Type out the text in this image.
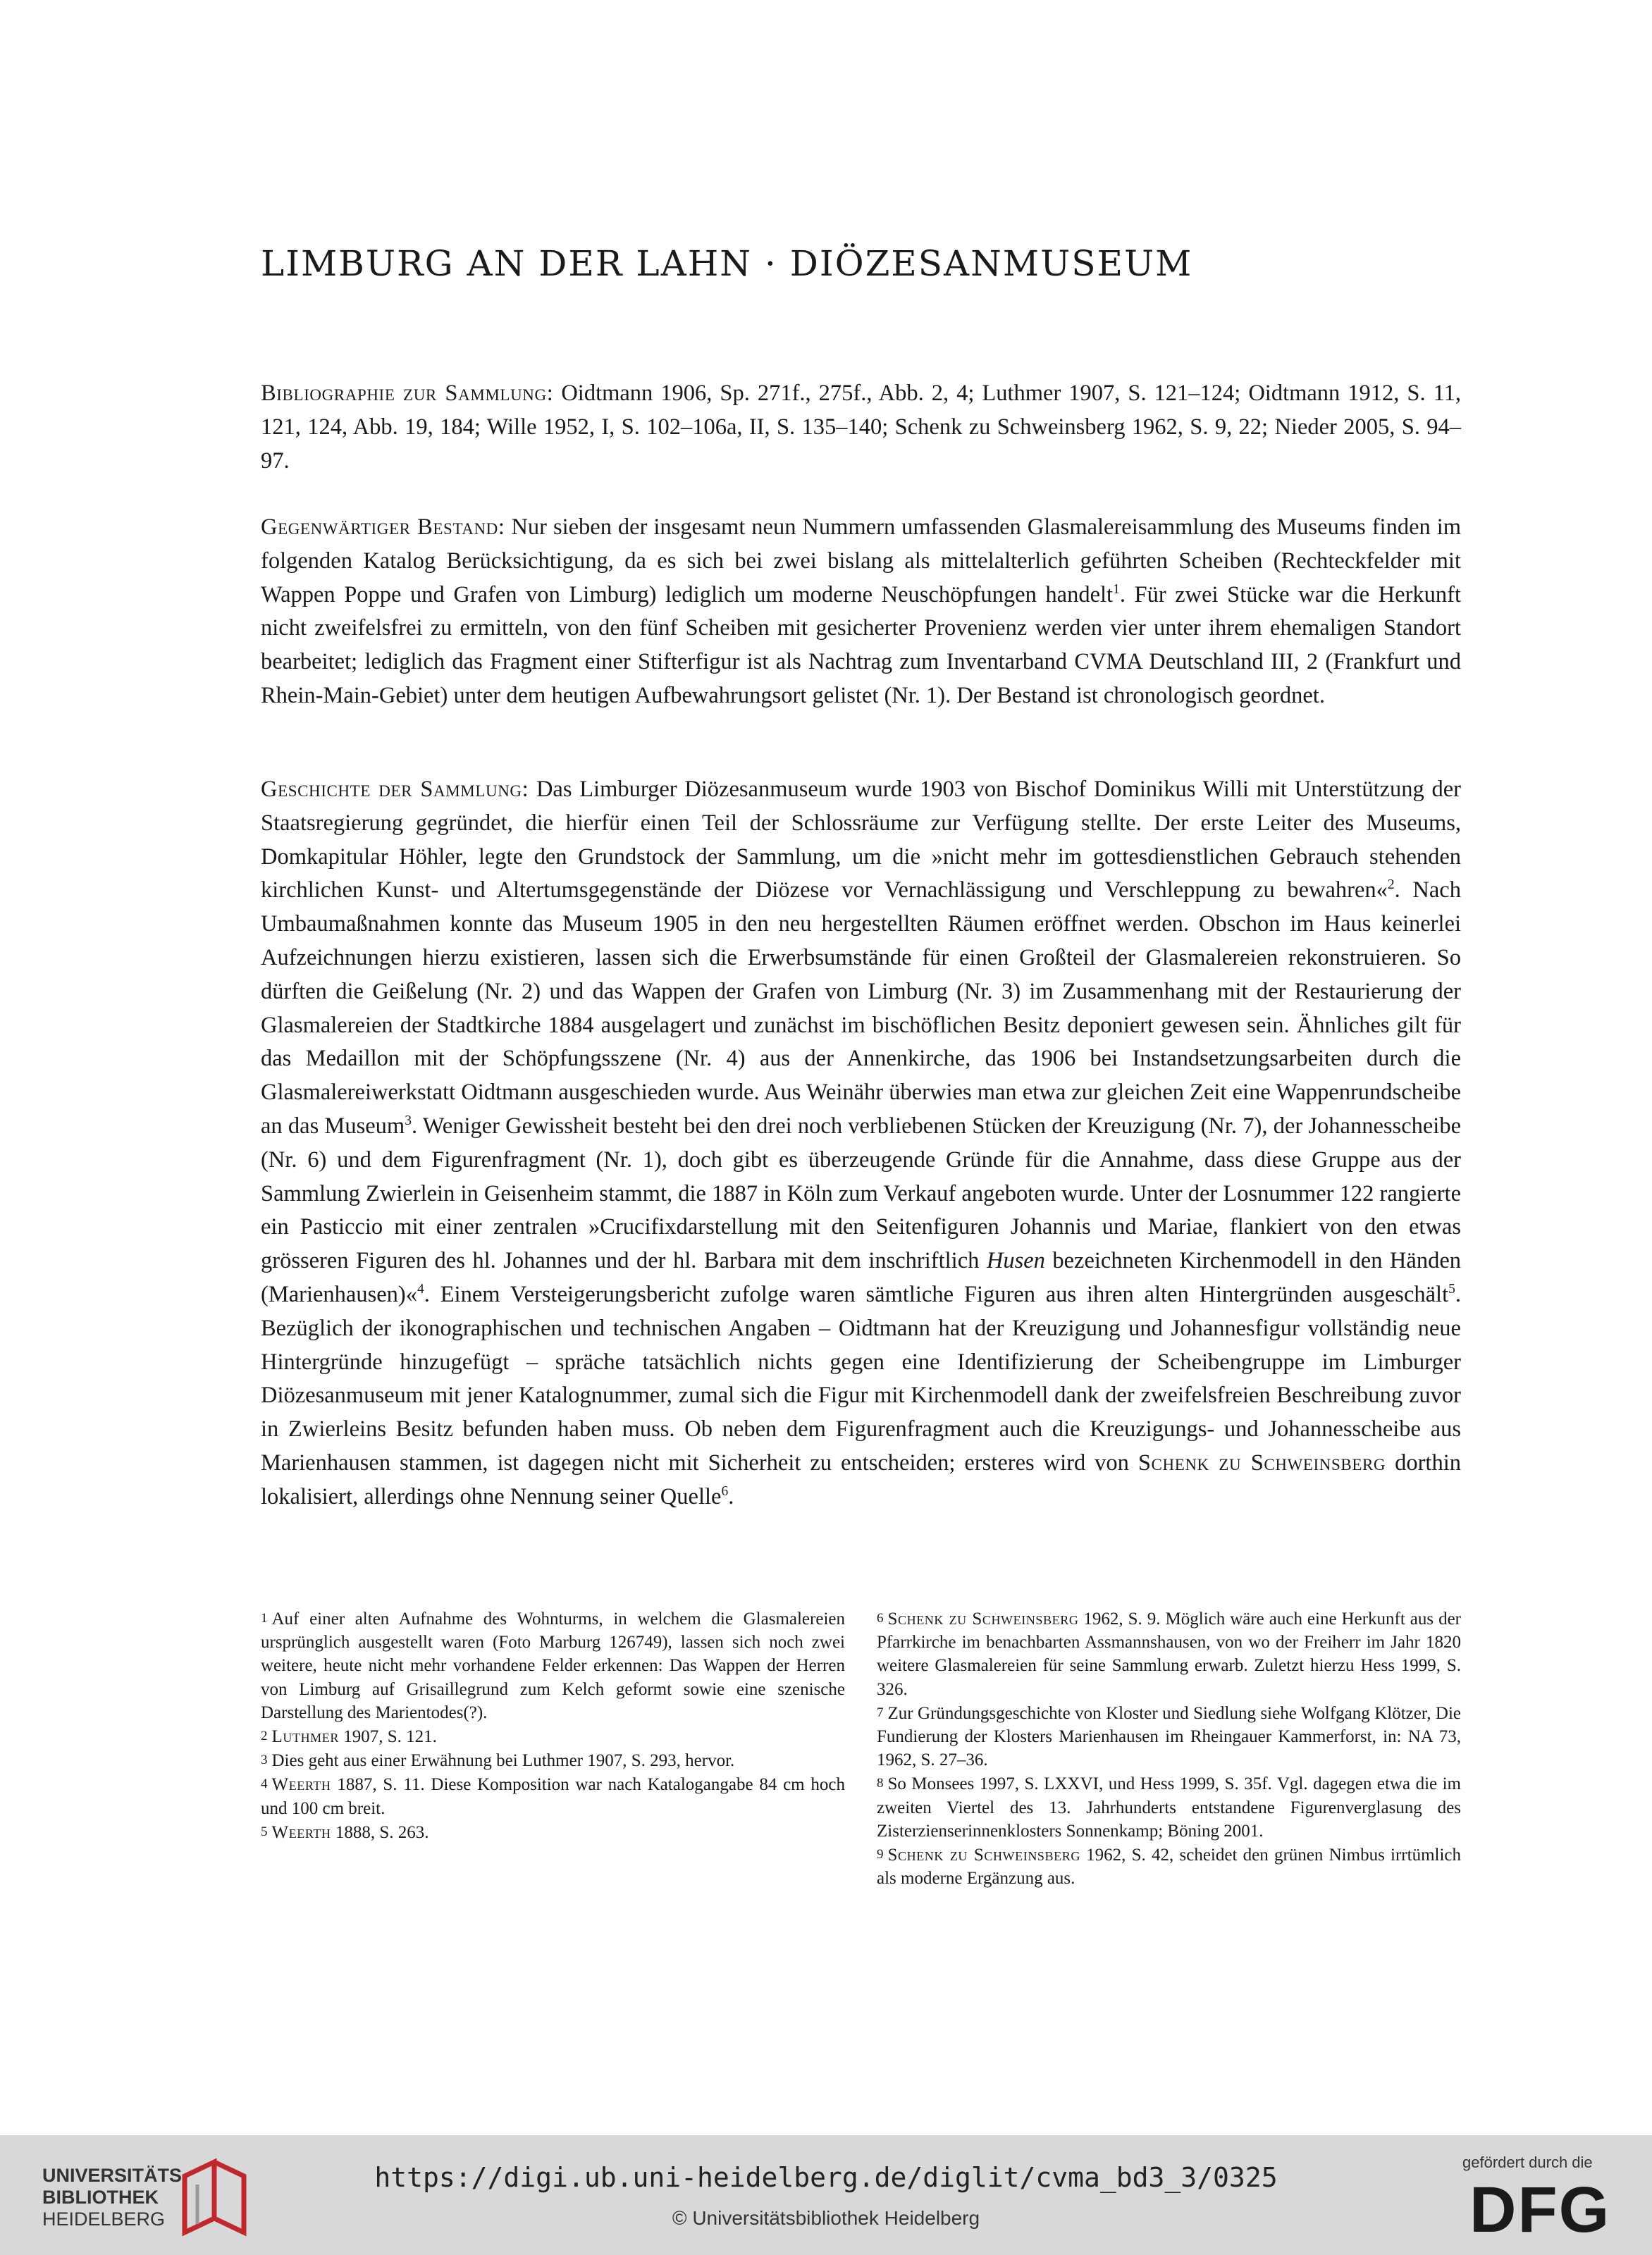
LIMBURG AN DER LAHN · DIÖZESANMUSEUM

Bibliographie zur Sammlung: Oidtmann 1906, Sp. 271f., 275f., Abb. 2, 4; Luthmer 1907, S. 121–124; Oidtmann 1912, S. 11, 121, 124, Abb. 19, 184; Wille 1952, I, S. 102–106a, II, S. 135–140; Schenk zu Schweinsberg 1962, S. 9, 22; Nieder 2005, S. 94–97.

Gegenwärtiger Bestand: Nur sieben der insgesamt neun Nummern umfassenden Glasmalereisammlung des Museums finden im folgenden Katalog Berücksichtigung, da es sich bei zwei bislang als mittelalterlich geführten Scheiben (Rechteckfelder mit Wappen Poppe und Grafen von Limburg) lediglich um moderne Neuschöpfungen handelt$^1$. Für zwei Stücke war die Herkunft nicht zweifelsfrei zu ermitteln, von den fünf Scheiben mit gesicherter Provenienz werden vier unter ihrem ehemaligen Standort bearbeitet; lediglich das Fragment einer Stifterfigur ist als Nachtrag zum Inventarband CVMA Deutschland III, 2 (Frankfurt und Rhein-Main-Gebiet) unter dem heutigen Aufbewahrungsort gelistet (Nr. 1). Der Bestand ist chronologisch geordnet.

Geschichte der Sammlung: Das Limburger Diözesanmuseum wurde 1903 von Bischof Dominikus Willi mit Unterstützung der Staatsregierung gegründet, die hierfür einen Teil der Schlossräume zur Verfügung stellte. Der erste Leiter des Museums, Domkapitular Höhler, legte den Grundstock der Sammlung, um die »nicht mehr im gottesdienstlichen Gebrauch stehenden kirchlichen Kunst- und Altertumsgegenstände der Diözese vor Vernachlässigung und Verschleppung zu bewahren«$^2$. Nach Umbaumaßnahmen konnte das Museum 1905 in den neu hergestellten Räumen eröffnet werden. Obschon im Haus keinerlei Aufzeichnungen hierzu existieren, lassen sich die Erwerbsumstände für einen Großteil der Glasmalereien rekonstruieren. So dürften die Geißelung (Nr. 2) und das Wappen der Grafen von Limburg (Nr. 3) im Zusammenhang mit der Restaurierung der Glasmalereien der Stadtkirche 1884 ausgelagert und zunächst im bischöflichen Besitz deponiert gewesen sein. Ähnliches gilt für das Medaillon mit der Schöpfungsszene (Nr. 4) aus der Annenkirche, das 1906 bei Instandsetzungsarbeiten durch die Glasmalereiwerkstatt Oidtmann ausgeschieden wurde. Aus Weinähr überwies man etwa zur gleichen Zeit eine Wappenrundscheibe an das Museum$^3$. Weniger Gewissheit besteht bei den drei noch verbliebenen Stücken der Kreuzigung (Nr. 7), der Johannesscheibe (Nr. 6) und dem Figurenfragment (Nr. 1), doch gibt es überzeugende Gründe für die Annahme, dass diese Gruppe aus der Sammlung Zwierlein in Geisenheim stammt, die 1887 in Köln zum Verkauf angeboten wurde. Unter der Losnummer 122 rangierte ein Pasticcio mit einer zentralen »Crucifixdarstellung mit den Seitenfiguren Johannis und Mariae, flankiert von den etwas grösseren Figuren des hl. Johannes und der hl. Barbara mit dem inschriftlich Husen bezeichneten Kirchenmodell in den Händen (Marienhausen)«$^4$. Einem Versteigerungsbericht zufolge waren sämtliche Figuren aus ihren alten Hintergründen ausgeschält$^5$. Bezüglich der ikonographischen und technischen Angaben – Oidtmann hat der Kreuzigung und Johannesfigur vollständig neue Hintergründe hinzugefügt – spräche tatsächlich nichts gegen eine Identifizierung der Scheibengruppe im Limburger Diözesanmuseum mit jener Katalognummer, zumal sich die Figur mit Kirchenmodell dank der zweifelsfreien Beschreibung zuvor in Zwierleins Besitz befunden haben muss. Ob neben dem Figurenfragment auch die Kreuzigungs- und Johannesscheibe aus Marienhausen stammen, ist dagegen nicht mit Sicherheit zu entscheiden; ersteres wird von Schenk zu Schweinsberg dorthin lokalisiert, allerdings ohne Nennung seiner Quelle$^6$.

1 Auf einer alten Aufnahme des Wohnturms, in welchem die Glasmalereien ursprünglich ausgestellt waren (Foto Marburg 126749), lassen sich noch zwei weitere, heute nicht mehr vorhandene Felder erkennen: Das Wappen der Herren von Limburg auf Grisaillegrund zum Kelch geformt sowie eine szenische Darstellung des Marientodes(?).

2 Luthmer 1907, S. 121.

3 Dies geht aus einer Erwähnung bei Luthmer 1907, S. 293, hervor.

4 Weerth 1887, S. 11. Diese Komposition war nach Katalogangabe 84 cm hoch und 100 cm breit.

5 Weerth 1888, S. 263.

6 Schenk zu Schweinsberg 1962, S. 9. Möglich wäre auch eine Herkunft aus der Pfarrkirche im benachbarten Assmannshausen, von wo der Freiherr im Jahr 1820 weitere Glasmalereien für seine Sammlung erwarb. Zuletzt hierzu Hess 1999, S. 326.

7 Zur Gründungsgeschichte von Kloster und Siedlung siehe Wolfgang Klötzer, Die Fundierung der Klosters Marienhausen im Rheingauer Kammerforst, in: NA 73, 1962, S. 27–36.

8 So Monsees 1997, S. LXXVI, und Hess 1999, S. 35f. Vgl. dagegen etwa die im zweiten Viertel des 13. Jahrhunderts entstandene Figurenverglasung des Zisterzienserinnenklosters Sonnenkamp; Böning 2001.

9 Schenk zu Schweinsberg 1962, S. 42, scheidet den grünen Nimbus irrtümlich als moderne Ergänzung aus.

UNIVERSITÄTS-
BIBLIOTHEK
HEIDELBERG
https://digi.ub.uni-heidelberg.de/diglit/cvma_bd3_3/0325
© Universitätsbibliothek Heidelberg
gefördert durch die
DFG
